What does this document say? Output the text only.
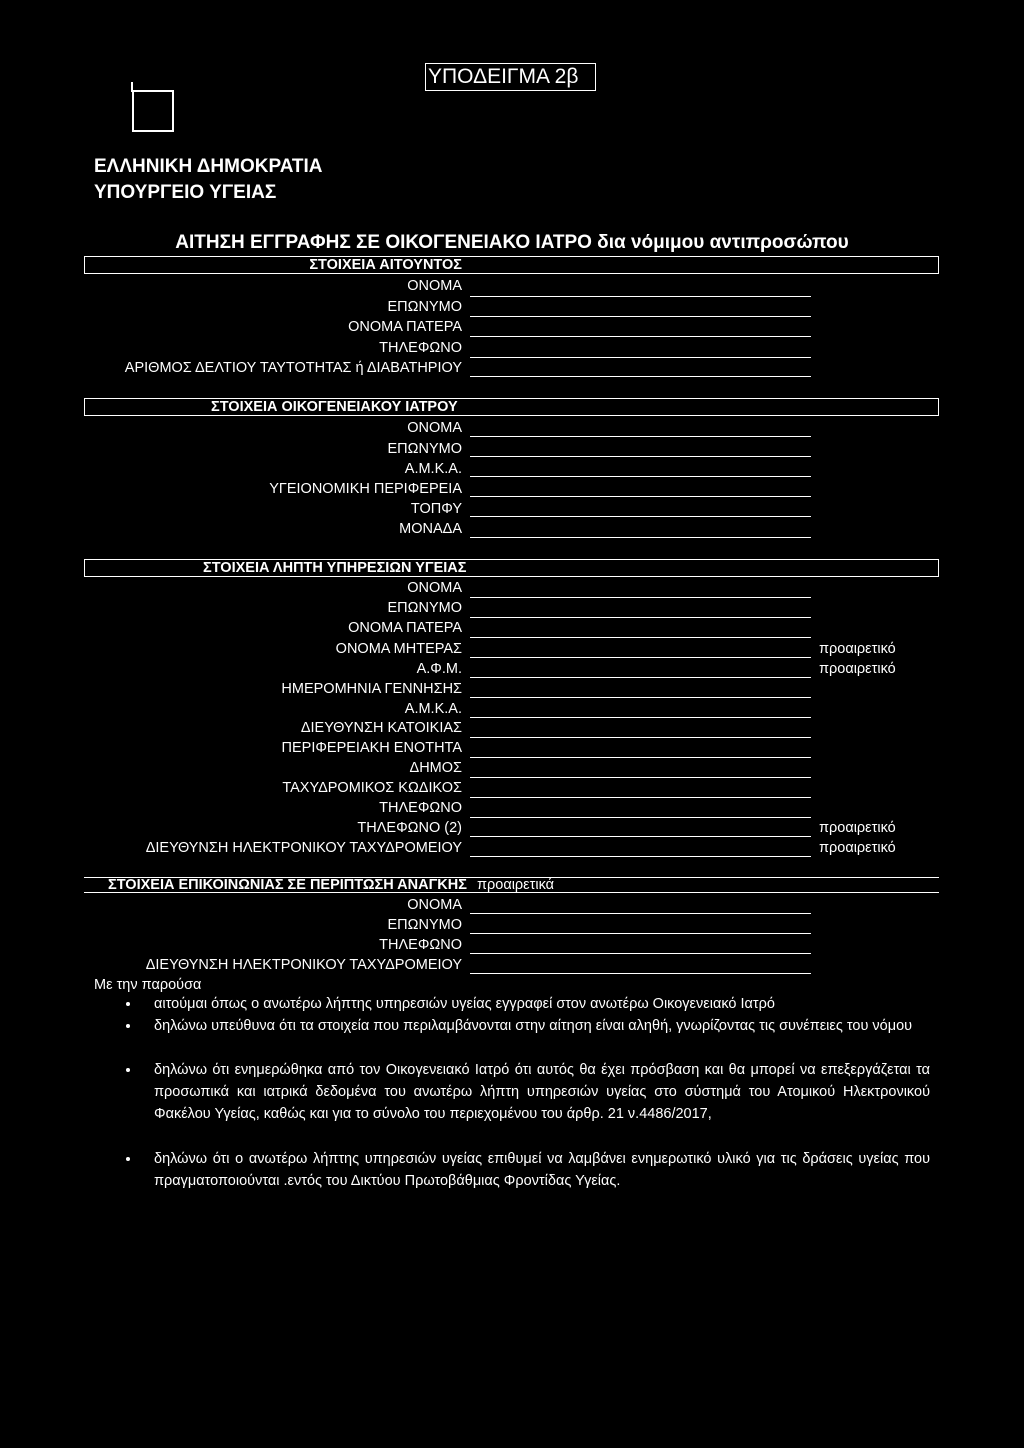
ΥΠΟΔΕΙΓΜΑ 2β
ΕΛΛΗΝΙΚΗ ΔΗΜΟΚΡΑΤΙΑ
ΥΠΟΥΡΓΕΙΟ ΥΓΕΙΑΣ
ΑΙΤΗΣΗ ΕΓΓΡΑΦΗΣ ΣΕ ΟΙΚΟΓΕΝΕΙΑΚΟ ΙΑΤΡΟ δια νόμιμου αντιπροσώπου
ΣΤΟΙΧΕΙΑ ΑΙΤΟΥΝΤΟΣ
ΟΝΟΜΑ
ΕΠΩΝΥΜΟ
ΟΝΟΜΑ ΠΑΤΕΡΑ
ΤΗΛΕΦΩΝΟ
ΑΡΙΘΜΟΣ ΔΕΛΤΙΟΥ ΤΑΥΤΟΤΗΤΑΣ ή ΔΙΑΒΑΤΗΡΙΟΥ
ΣΤΟΙΧΕΙΑ ΟΙΚΟΓΕΝΕΙΑΚΟΥ ΙΑΤΡΟΥ
ΟΝΟΜΑ
ΕΠΩΝΥΜΟ
Α.Μ.Κ.Α.
ΥΓΕΙΟΝΟΜΙΚΗ ΠΕΡΙΦΕΡΕΙΑ
ΤΟΠΦΥ
ΜΟΝΑΔΑ
ΣΤΟΙΧΕΙΑ ΛΗΠΤΗ ΥΠΗΡΕΣΙΩΝ ΥΓΕΙΑΣ
ΟΝΟΜΑ
ΕΠΩΝΥΜΟ
ΟΝΟΜΑ ΠΑΤΕΡΑ
ΟΝΟΜΑ ΜΗΤΕΡΑΣ	προαιρετικό
Α.Φ.Μ.	προαιρετικό
ΗΜΕΡΟΜΗΝΙΑ ΓΕΝΝΗΣΗΣ
Α.Μ.Κ.Α.
ΔΙΕΥΘΥΝΣΗ ΚΑΤΟΙΚΙΑΣ
ΠΕΡΙΦΕΡΕΙΑΚΗ ΕΝΟΤΗΤΑ
ΔΗΜΟΣ
ΤΑΧΥΔΡΟΜΙΚΟΣ ΚΩΔΙΚΟΣ
ΤΗΛΕΦΩΝΟ
ΤΗΛΕΦΩΝΟ (2)	προαιρετικό
ΔΙΕΥΘΥΝΣΗ ΗΛΕΚΤΡΟΝΙΚΟΥ ΤΑΧΥΔΡΟΜΕΙΟΥ	προαιρετικό
ΣΤΟΙΧΕΙΑ ΕΠΙΚΟΙΝΩΝΙΑΣ ΣΕ ΠΕΡΙΠΤΩΣΗ ΑΝΑΓΚΗΣ προαιρετικά
ΟΝΟΜΑ
ΕΠΩΝΥΜΟ
ΤΗΛΕΦΩΝΟ
ΔΙΕΥΘΥΝΣΗ ΗΛΕΚΤΡΟΝΙΚΟΥ ΤΑΧΥΔΡΟΜΕΙΟΥ
Με την παρούσα
αιτούμαι όπως ο ανωτέρω λήπτης υπηρεσιών υγείας εγγραφεί στον ανωτέρω Οικογενειακό Ιατρό
δηλώνω υπεύθυνα ότι τα στοιχεία που περιλαμβάνονται στην αίτηση είναι αληθή, γνωρίζοντας τις συνέπειες του νόμου
δηλώνω ότι ενημερώθηκα από τον Οικογενειακό Ιατρό ότι αυτός θα έχει πρόσβαση και θα μπορεί να επεξεργάζεται τα προσωπικά και ιατρικά δεδομένα του ανωτέρω λήπτη υπηρεσιών υγείας στο σύστημά του Ατομικού Ηλεκτρονικού Φακέλου Υγείας, καθώς και για το σύνολο του περιεχομένου του άρθρ. 21 ν.4486/2017,
δηλώνω ότι ο ανωτέρω λήπτης υπηρεσιών υγείας επιθυμεί να λαμβάνει ενημερωτικό υλικό για τις δράσεις υγείας που πραγματοποιούνται .εντός του Δικτύου Πρωτοβάθμιας Φροντίδας Υγείας.
